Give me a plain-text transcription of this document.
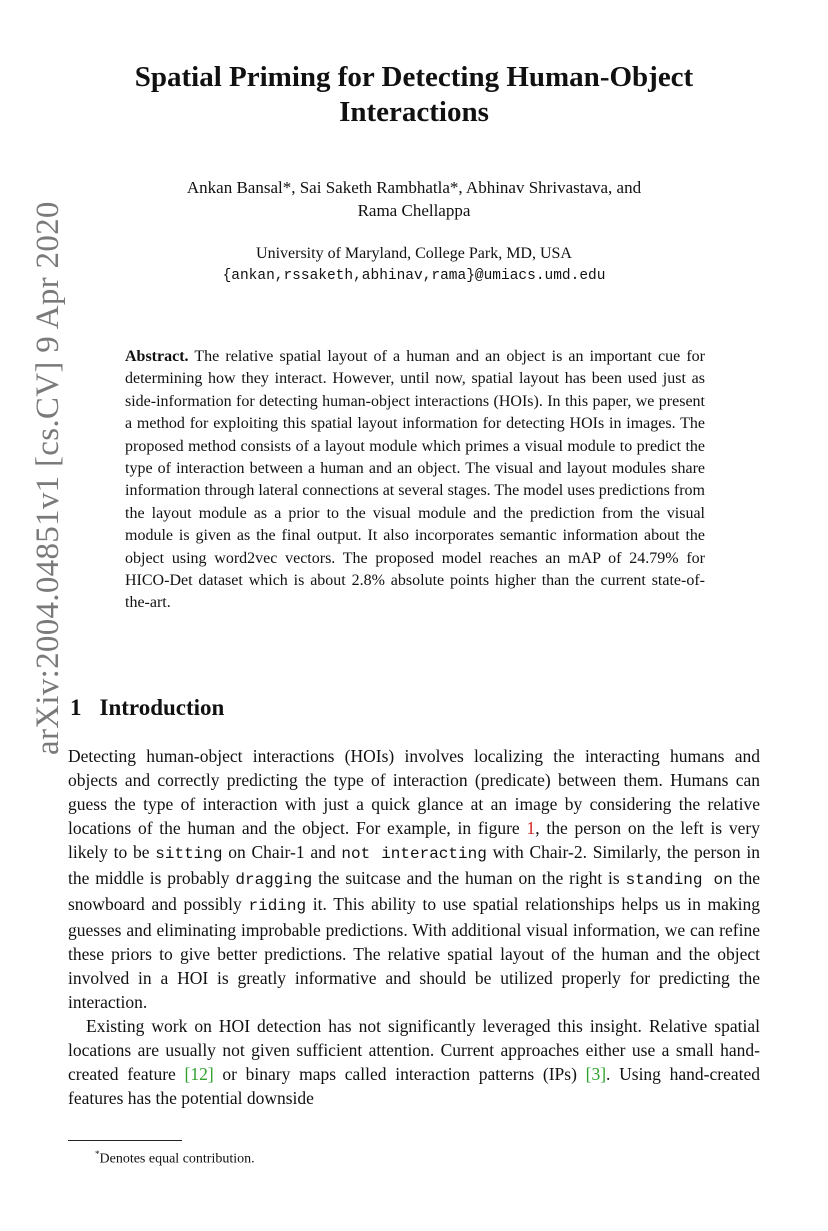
arXiv:2004.04851v1 [cs.CV] 9 Apr 2020
Spatial Priming for Detecting Human-Object
Interactions
Ankan Bansal*, Sai Saketh Rambhatla*, Abhinav Shrivastava, and
Rama Chellappa
University of Maryland, College Park, MD, USA
{ankan,rssaketh,abhinav,rama}@umiacs.umd.edu
Abstract. The relative spatial layout of a human and an object is an important cue for determining how they interact. However, until now, spatial layout has been used just as side-information for detecting human-object interactions (HOIs). In this paper, we present a method for exploiting this spatial layout information for detecting HOIs in images. The proposed method consists of a layout module which primes a visual module to predict the type of interaction between a human and an object. The visual and layout modules share information through lateral connections at several stages. The model uses predictions from the layout module as a prior to the visual module and the prediction from the visual module is given as the final output. It also incorporates semantic information about the object using word2vec vectors. The proposed model reaches an mAP of 24.79% for HICO-Det dataset which is about 2.8% absolute points higher than the current state-of-the-art.
1 Introduction

Detecting human-object interactions (HOIs) involves localizing the interacting humans and objects and correctly predicting the type of interaction (predicate) between them. Humans can guess the type of interaction with just a quick glance at an image by considering the relative locations of the human and the object. For example, in figure 1, the person on the left is very likely to be sitting on Chair-1 and not interacting with Chair-2. Similarly, the person in the middle is probably dragging the suitcase and the human on the right is standing on the snowboard and possibly riding it. This ability to use spatial relationships helps us in making guesses and eliminating improbable predictions. With additional visual information, we can refine these priors to give better predictions. The relative spatial layout of the human and the object involved in a HOI is greatly informative and should be utilized properly for predicting the interaction.

Existing work on HOI detection has not significantly leveraged this insight. Relative spatial locations are usually not given sufficient attention. Current approaches either use a small hand-created feature [12] or binary maps called interaction patterns (IPs) [3]. Using hand-created features has the potential downside

*Denotes equal contribution.
